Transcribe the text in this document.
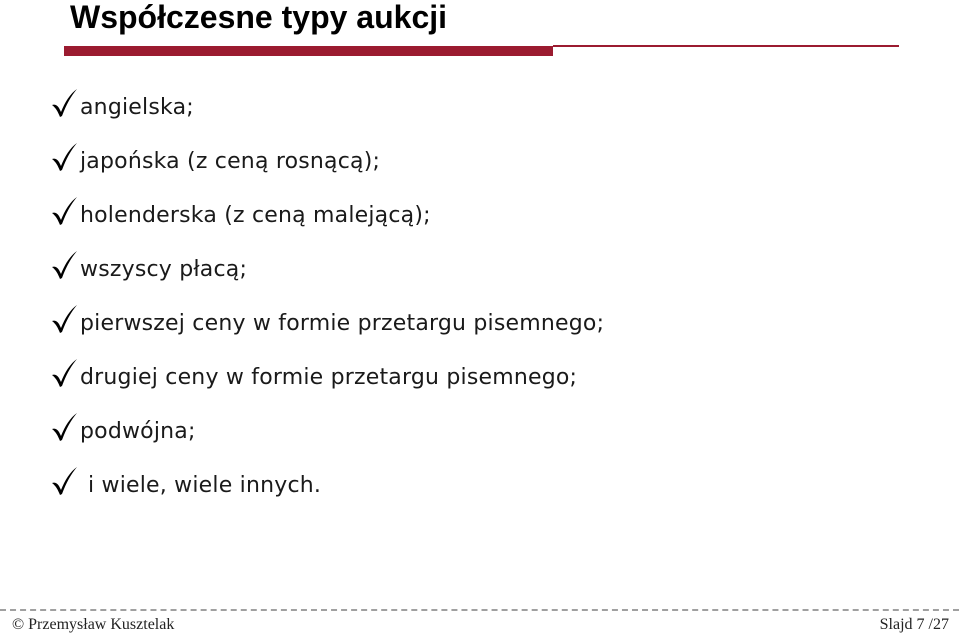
Współczesne typy aukcji
angielska;
japońska (z ceną rosnącą);
holenderska (z ceną malejącą);
wszyscy płacą;
pierwszej ceny w formie przetargu pisemnego;
drugiej ceny w formie przetargu pisemnego;
podwójna;
i wiele, wiele innych.
© Przemysław Kusztelak	Slajd 7 /27
